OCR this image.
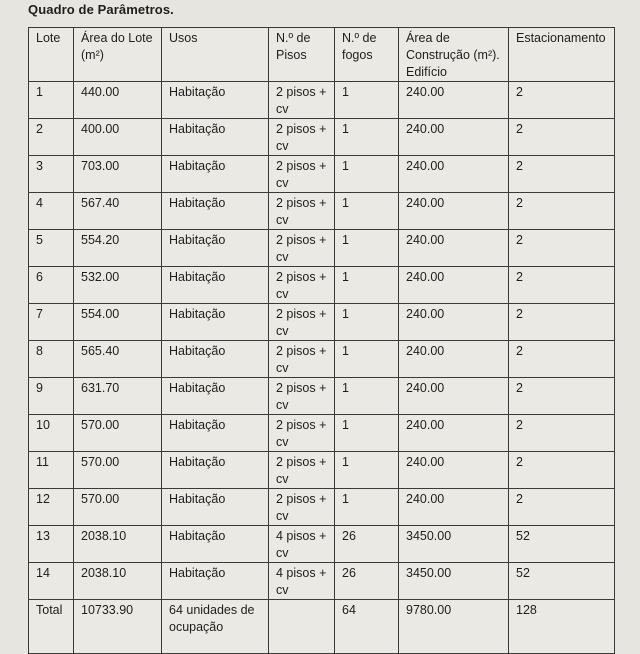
Quadro de Parâmetros.
Lote	Área do Lote (m²)	Usos	N.º de Pisos	N.º de fogos	Área de Construção (m²). Edifício	Estacionamento
1	440.00	Habitação	2 pisos + cv	1	240.00	2
2	400.00	Habitação	2 pisos + cv	1	240.00	2
3	703.00	Habitação	2 pisos + cv	1	240.00	2
4	567.40	Habitação	2 pisos + cv	1	240.00	2
5	554.20	Habitação	2 pisos + cv	1	240.00	2
6	532.00	Habitação	2 pisos + cv	1	240.00	2
7	554.00	Habitação	2 pisos + cv	1	240.00	2
8	565.40	Habitação	2 pisos + cv	1	240.00	2
9	631.70	Habitação	2 pisos + cv	1	240.00	2
10	570.00	Habitação	2 pisos + cv	1	240.00	2
11	570.00	Habitação	2 pisos + cv	1	240.00	2
12	570.00	Habitação	2 pisos + cv	1	240.00	2
13	2038.10	Habitação	4 pisos + cv	26	3450.00	52
14	2038.10	Habitação	4 pisos + cv	26	3450.00	52
Total	10733.90	64 unidades de ocupação		64	9780.00	128
